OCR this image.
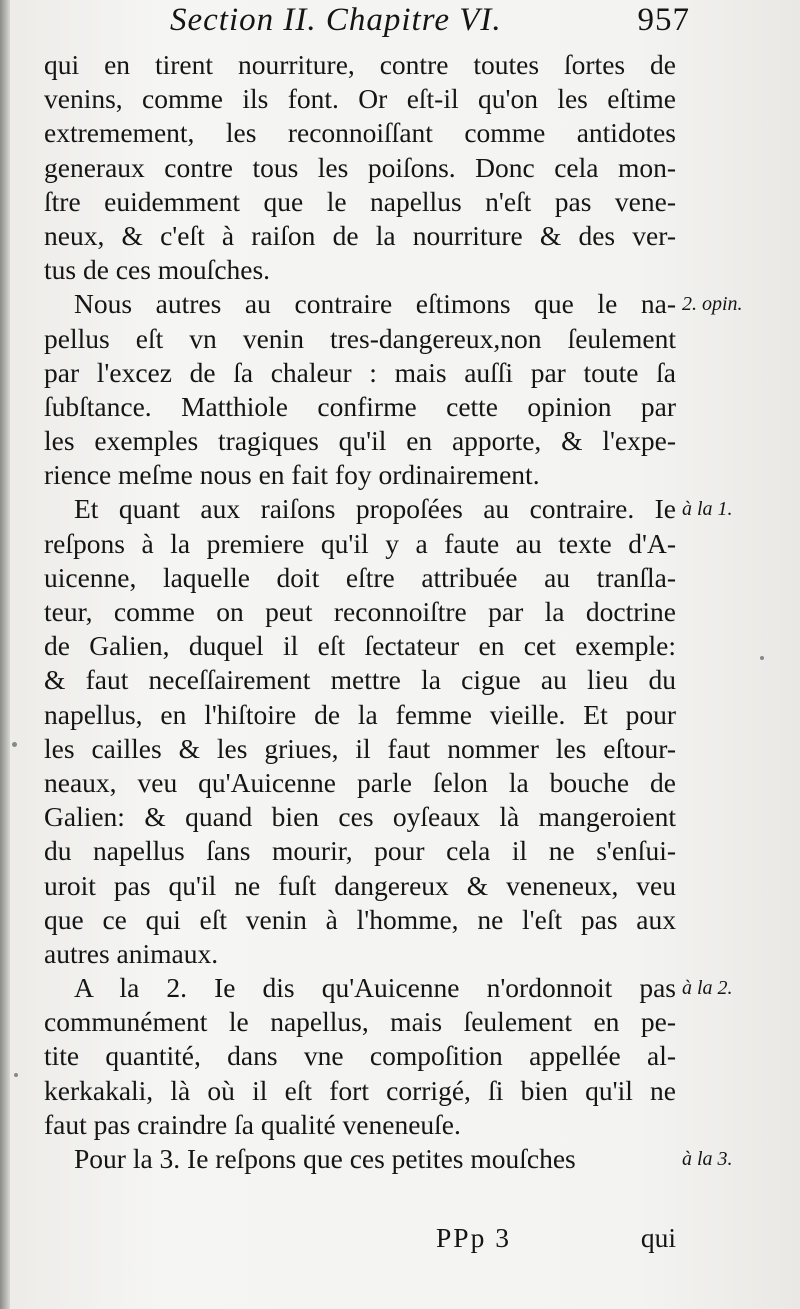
Section II. Chapitre VI.	957
qui en tirent nourriture, contre toutes ſortes de
venins, comme ils font. Or eſt-il qu'on les eſtime
extremement, les reconnoiſſant comme antidotes
generaux contre tous les poiſons. Donc cela mon-
ſtre euidemment que le napellus n'eſt pas vene-
neux, & c'eſt à raiſon de la nourriture & des ver-
tus de ces mouſches.
Nous autres au contraire eſtimons que le na- 2. opin.
pellus eſt vn venin tres-dangereux,non ſeulement
par l'excez de ſa chaleur : mais auſſi par toute ſa
ſubſtance. Matthiole confirme cette opinion par
les exemples tragiques qu'il en apporte, & l'expe-
rience meſme nous en fait foy ordinairement.
Et quant aux raiſons propoſées au contraire. Ie à la 1.
reſpons à la premiere qu'il y a faute au texte d'A-
uicenne, laquelle doit eſtre attribuée au tranſla-
teur, comme on peut reconnoiſtre par la doctrine
de Galien, duquel il eſt ſectateur en cet exemple:
& faut neceſſairement mettre la cigue au lieu du
napellus, en l'hiſtoire de la femme vieille. Et pour
les cailles & les griues, il faut nommer les eſtour-
neaux, veu qu'Auicenne parle ſelon la bouche de
Galien: & quand bien ces oyſeaux là mangeroient
du napellus ſans mourir, pour cela il ne s'enſui-
uroit pas qu'il ne fuſt dangereux & veneneux, veu
que ce qui eſt venin à l'homme, ne l'eſt pas aux
autres animaux.
A la 2. Ie dis qu'Auicenne n'ordonnoit pas à la 2.
communément le napellus, mais ſeulement en pe-
tite quantité, dans vne compoſition appellée al-
kerkakali, là où il eſt fort corrigé, ſi bien qu'il ne
faut pas craindre ſa qualité veneneuſe.
Pour la 3. Ie reſpons que ces petites mouſches	à la 3.
PPp 3	qui
